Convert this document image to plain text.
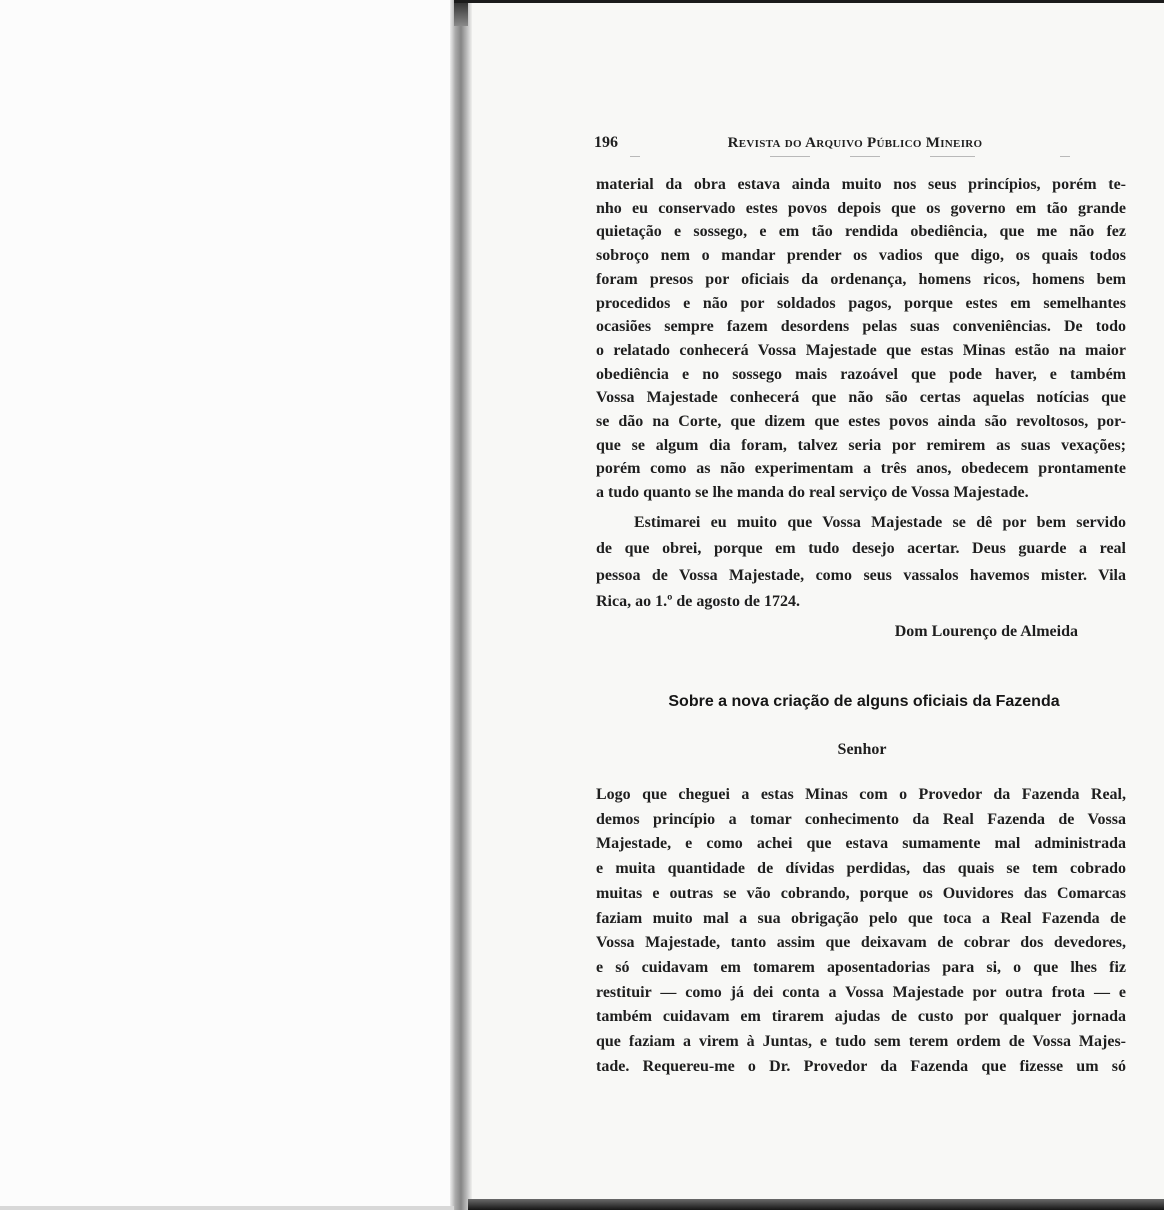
196	Revista do Arquivo Público Mineiro
material da obra estava ainda muito nos seus princípios, porém te-
nho eu conservado estes povos depois que os governo em tão grande
quietação e sossego, e em tão rendida obediência, que me não fez
sobroço nem o mandar prender os vadios que digo, os quais todos
foram presos por oficiais da ordenança, homens ricos, homens bem
procedidos e não por soldados pagos, porque estes em semelhantes
ocasiões sempre fazem desordens pelas suas conveniências. De todo
o relatado conhecerá Vossa Majestade que estas Minas estão na maior
obediência e no sossego mais razoável que pode haver, e também
Vossa Majestade conhecerá que não são certas aquelas notícias que
se dão na Corte, que dizem que estes povos ainda são revoltosos, por-
que se algum dia foram, talvez seria por remirem as suas vexações;
porém como as não experimentam a três anos, obedecem prontamente
a tudo quanto se lhe manda do real serviço de Vossa Majestade.
Estimarei eu muito que Vossa Majestade se dê por bem servido
de que obrei, porque em tudo desejo acertar. Deus guarde a real
pessoa de Vossa Majestade, como seus vassalos havemos mister. Vila
Rica, ao 1.º de agosto de 1724.
Dom Lourenço de Almeida
Sobre a nova criação de alguns oficiais da Fazenda
Senhor
Logo que cheguei a estas Minas com o Provedor da Fazenda Real,
demos princípio a tomar conhecimento da Real Fazenda de Vossa
Majestade, e como achei que estava sumamente mal administrada
e muita quantidade de dívidas perdidas, das quais se tem cobrado
muitas e outras se vão cobrando, porque os Ouvidores das Comarcas
faziam muito mal a sua obrigação pelo que toca a Real Fazenda de
Vossa Majestade, tanto assim que deixavam de cobrar dos devedores,
e só cuidavam em tomarem aposentadorias para si, o que lhes fiz
restituir — como já dei conta a Vossa Majestade por outra frota — e
também cuidavam em tirarem ajudas de custo por qualquer jornada
que faziam a virem à Juntas, e tudo sem terem ordem de Vossa Majes-
tade. Requereu-me o Dr. Provedor da Fazenda que fizesse um só
